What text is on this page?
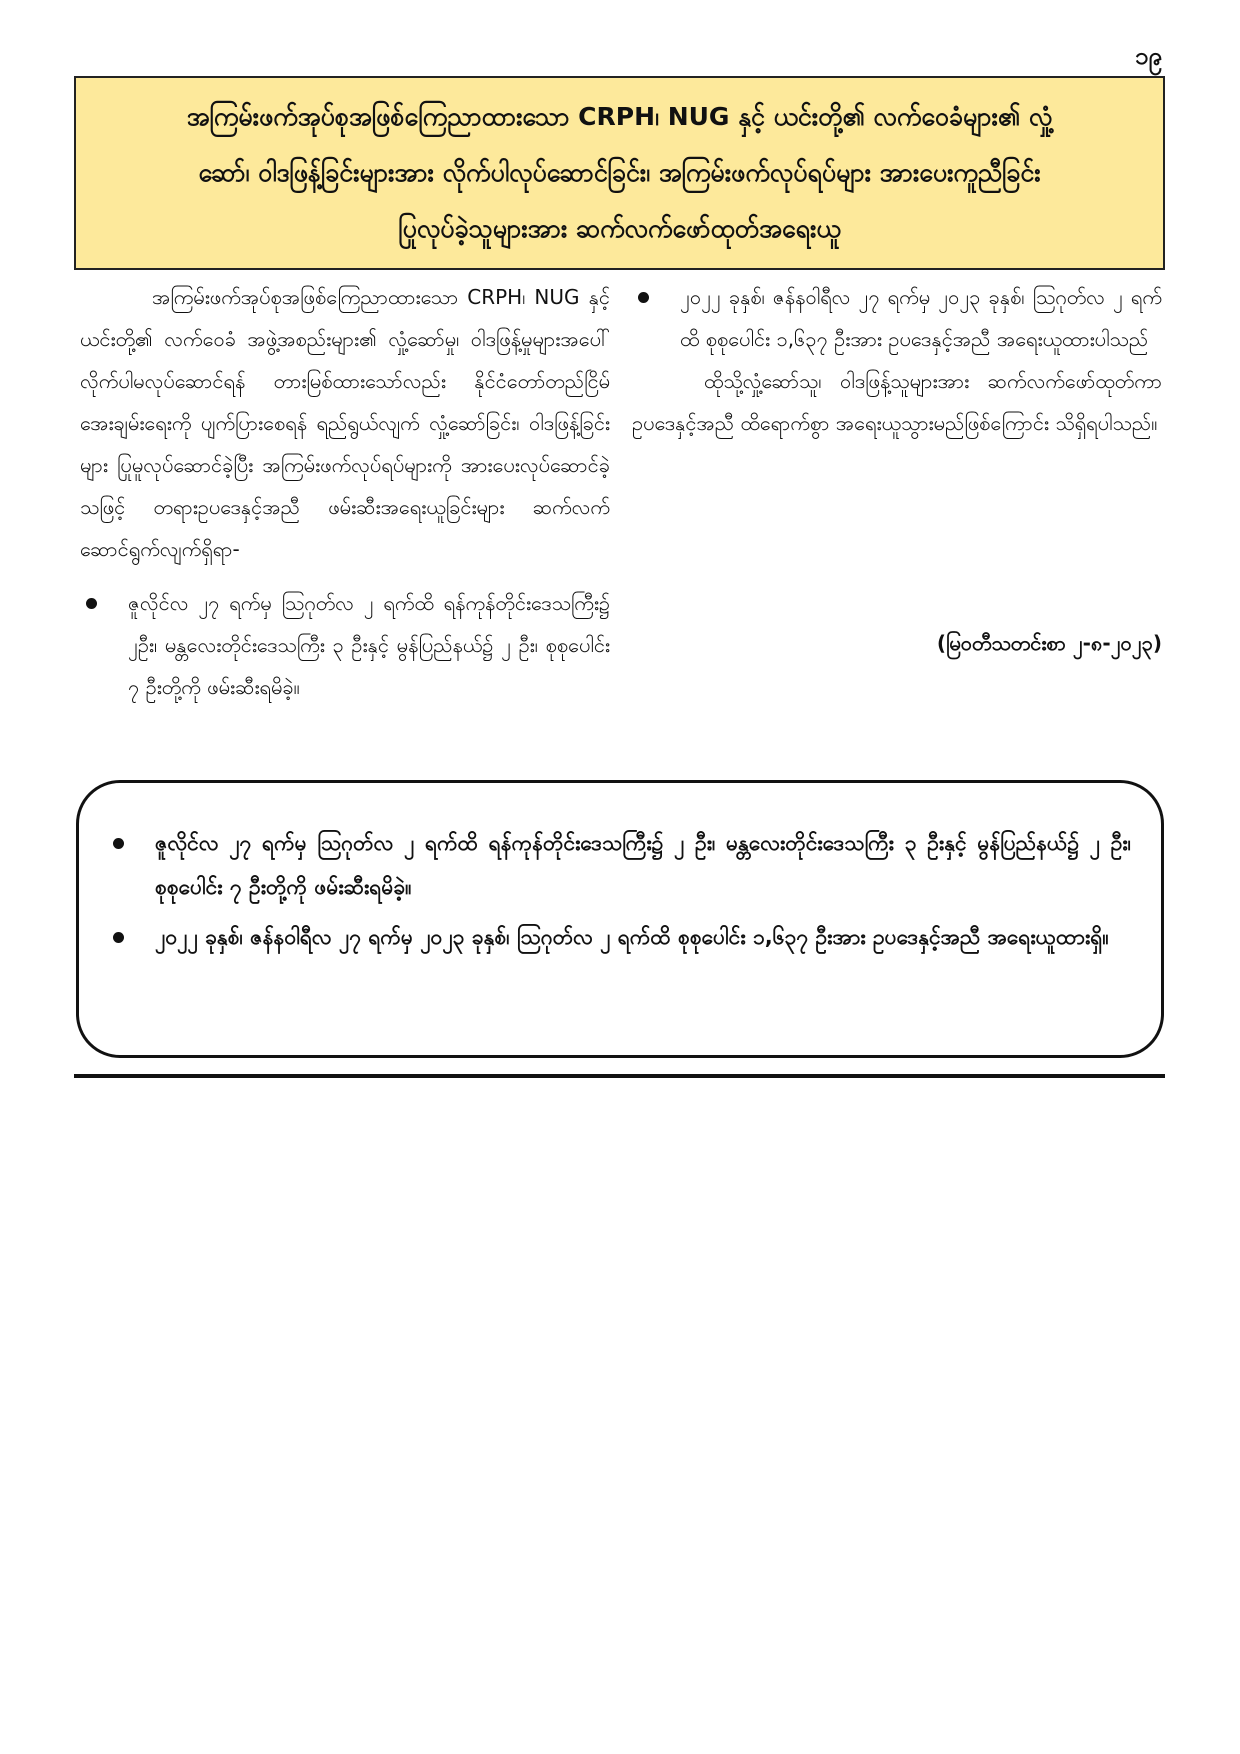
၁၉
အကြမ်းဖက်အုပ်စုအဖြစ်ကြေညာထားသော CRPH၊ NUG နှင့် ယင်းတို့၏ လက်ဝေခံများ၏ လှုံ့
ဆော်၊ ဝါဒဖြန့်ခြင်းများအား လိုက်ပါလုပ်ဆောင်ခြင်း၊ အကြမ်းဖက်လုပ်ရပ်များ အားပေးကူညီခြင်း
ပြုလုပ်ခဲ့သူများအား ဆက်လက်ဖော်ထုတ်အရေးယူ

အကြမ်းဖက်အုပ်စုအဖြစ်ကြေညာထားသော CRPH၊ NUG နှင့်ယင်းတို့၏ လက်ဝေခံ အဖွဲ့အစည်းများ၏ လှုံ့ဆော်မှု၊ ဝါဒဖြန့်မှုများအပေါ် လိုက်ပါမလုပ်ဆောင်ရန် တားမြစ်ထားသော်လည်း နိုင်ငံတော်တည်ငြိမ်အေးချမ်းရေးကို ပျက်ပြားစေရန် ရည်ရွယ်လျက် လှုံ့ဆော်ခြင်း၊ ဝါဒဖြန့်ခြင်းများ ပြုမူလုပ်ဆောင်ခဲ့ပြီး အကြမ်းဖက်လုပ်ရပ်များကို အားပေးလုပ်ဆောင်ခဲ့သဖြင့် တရားဥပဒေနှင့်အညီ ဖမ်းဆီးအရေးယူခြင်းများ ဆက်လက်ဆောင်ရွက်လျက်ရှိရာ-

ဇူလိုင်လ ၂၇ ရက်မှ ဩဂုတ်လ ၂ ရက်ထိ ရန်ကုန်တိုင်းဒေသကြီး၌ ၂ဦး၊ မန္တလေးတိုင်းဒေသကြီး ၃ ဦးနှင့် မွန်ပြည်နယ်၌ ၂ ဦး၊ စုစုပေါင်း ၇ ဦးတို့ကို ဖမ်းဆီးရမိခဲ့။
၂၀၂၂ ခုနှစ်၊ ဇန်နဝါရီလ ၂၇ ရက်မှ ၂၀၂၃ ခုနှစ်၊ ဩဂုတ်လ ၂ ရက်ထိ စုစုပေါင်း ၁,၆၃၇ ဦးအား ဥပဒေနှင့်အညီ အရေးယူထားပါသည်

ထိုသို့လှုံ့ဆော်သူ၊ ဝါဒဖြန့်သူများအား ဆက်လက်ဖော်ထုတ်ကာ ဥပဒေနှင့်အညီ ထိရောက်စွာ အရေးယူသွားမည်ဖြစ်ကြောင်း သိရှိရပါသည်။

(မြဝတီသတင်းစာ ၂-၈-၂၀၂၃)
ဇူလိုင်လ ၂၇ ရက်မှ ဩဂုတ်လ ၂ ရက်ထိ ရန်ကုန်တိုင်းဒေသကြီး၌ ၂ ဦး၊ မန္တလေးတိုင်းဒေသကြီး ၃ ဦးနှင့် မွန်ပြည်နယ်၌ ၂ ဦး၊ စုစုပေါင်း ၇ ဦးတို့ကို ဖမ်းဆီးရမိခဲ့။
၂၀၂၂ ခုနှစ်၊ ဇန်နဝါရီလ ၂၇ ရက်မှ ၂၀၂၃ ခုနှစ်၊ ဩဂုတ်လ ၂ ရက်ထိ စုစုပေါင်း ၁,၆၃၇ ဦးအား ဥပဒေနှင့်အညီ အရေးယူထားရှိ။
